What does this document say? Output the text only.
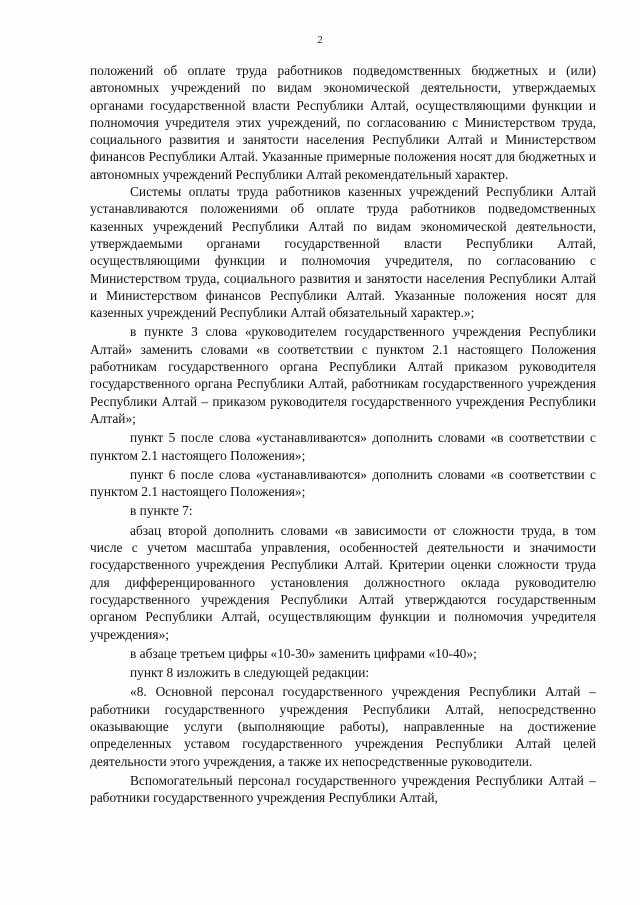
2

положений об оплате труда работников подведомственных бюджетных и (или) автономных учреждений по видам экономической деятельности, утверждаемых органами государственной власти Республики Алтай, осуществляющими функции и полномочия учредителя этих учреждений, по согласованию с Министерством труда, социального развития и занятости населения Республики Алтай и Министерством финансов Республики Алтай. Указанные примерные положения носят для бюджетных и автономных учреждений Республики Алтай рекомендательный характер.

Системы оплаты труда работников казенных учреждений Республики Алтай устанавливаются положениями об оплате труда работников подведомственных казенных учреждений Республики Алтай по видам экономической деятельности, утверждаемыми органами государственной власти Республики Алтай, осуществляющими функции и полномочия учредителя, по согласованию с Министерством труда, социального развития и занятости населения Республики Алтай и Министерством финансов Республики Алтай. Указанные положения носят для казенных учреждений Республики Алтай обязательный характер.»;

в пункте 3 слова «руководителем государственного учреждения Республики Алтай» заменить словами «в соответствии с пунктом 2.1 настоящего Положения работникам государственного органа Республики Алтай приказом руководителя государственного органа Республики Алтай, работникам государственного учреждения Республики Алтай – приказом руководителя государственного учреждения Республики Алтай»;

пункт 5 после слова «устанавливаются» дополнить словами «в соответствии с пунктом 2.1 настоящего Положения»;

пункт 6 после слова «устанавливаются» дополнить словами «в соответствии с пунктом 2.1 настоящего Положения»;

в пункте 7:

абзац второй дополнить словами «в зависимости от сложности труда, в том числе с учетом масштаба управления, особенностей деятельности и значимости государственного учреждения Республики Алтай. Критерии оценки сложности труда для дифференцированного установления должностного оклада руководителю государственного учреждения Республики Алтай утверждаются государственным органом Республики Алтай, осуществляющим функции и полномочия учредителя учреждения»;

в абзаце третьем цифры «10-30» заменить цифрами «10-40»;

пункт 8 изложить в следующей редакции:

«8. Основной персонал государственного учреждения Республики Алтай – работники государственного учреждения Республики Алтай, непосредственно оказывающие услуги (выполняющие работы), направленные на достижение определенных уставом государственного учреждения Республики Алтай целей деятельности этого учреждения, а также их непосредственные руководители.

Вспомогательный персонал государственного учреждения Республики Алтай – работники государственного учреждения Республики Алтай,
